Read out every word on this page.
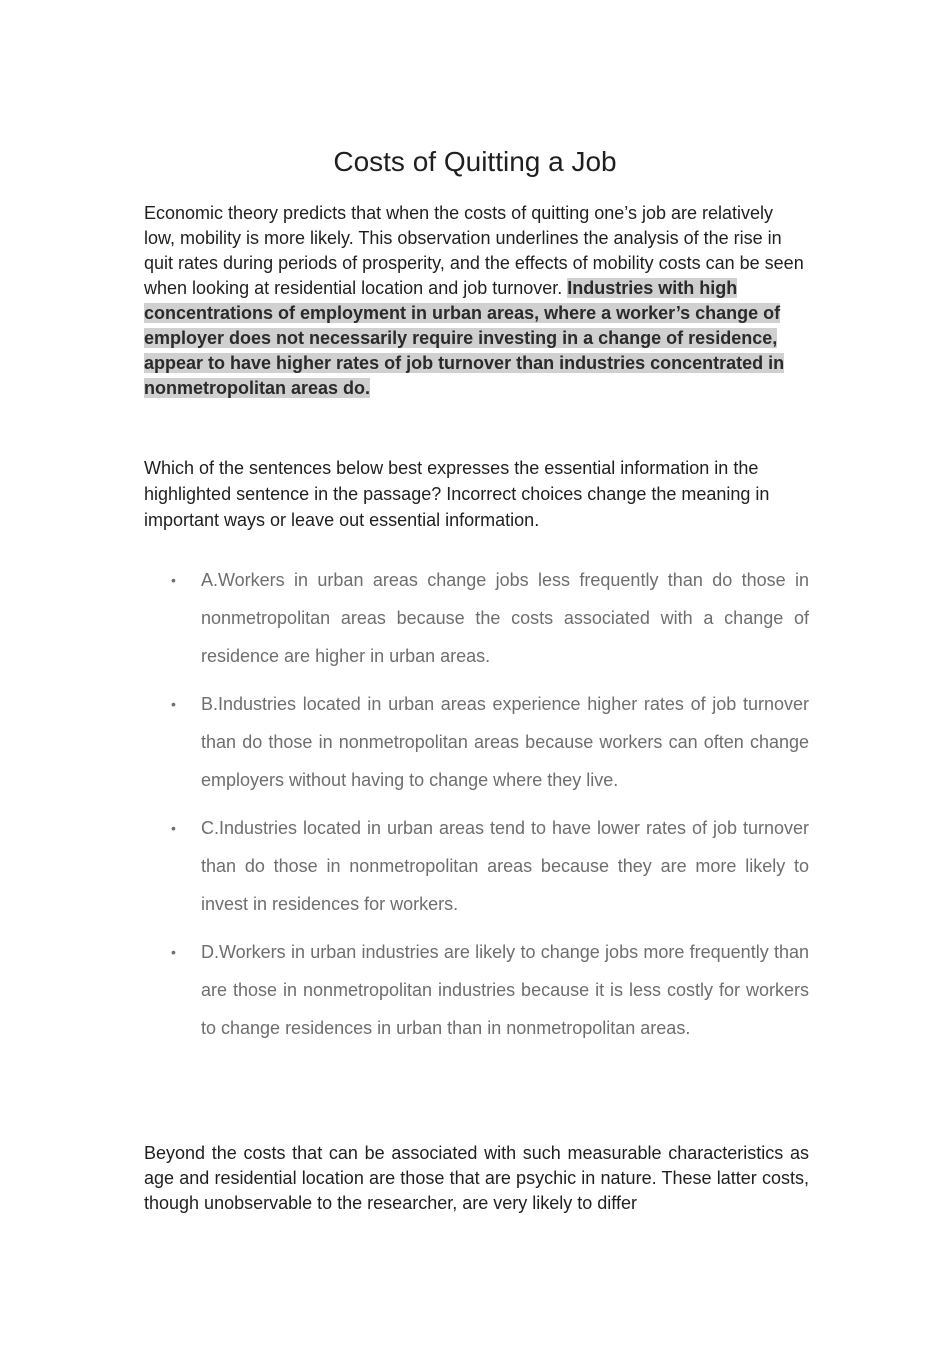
Costs of Quitting a Job

Economic theory predicts that when the costs of quitting one’s job are relatively low, mobility is more likely. This observation underlines the analysis of the rise in quit rates during periods of prosperity, and the effects of mobility costs can be seen when looking at residential location and job turnover. Industries with high concentrations of employment in urban areas, where a worker’s change of employer does not necessarily require investing in a change of residence, appear to have higher rates of job turnover than industries concentrated in nonmetropolitan areas do.

Which of the sentences below best expresses the essential information in the highlighted sentence in the passage? Incorrect choices change the meaning in important ways or leave out essential information.

• A.Workers in urban areas change jobs less frequently than do those in nonmetropolitan areas because the costs associated with a change of residence are higher in urban areas.
• B.Industries located in urban areas experience higher rates of job turnover than do those in nonmetropolitan areas because workers can often change employers without having to change where they live.
• C.Industries located in urban areas tend to have lower rates of job turnover than do those in nonmetropolitan areas because they are more likely to invest in residences for workers.
• D.Workers in urban industries are likely to change jobs more frequently than are those in nonmetropolitan industries because it is less costly for workers to change residences in urban than in nonmetropolitan areas.

Beyond the costs that can be associated with such measurable characteristics as age and residential location are those that are psychic in nature. These latter costs, though unobservable to the researcher, are very likely to differ
